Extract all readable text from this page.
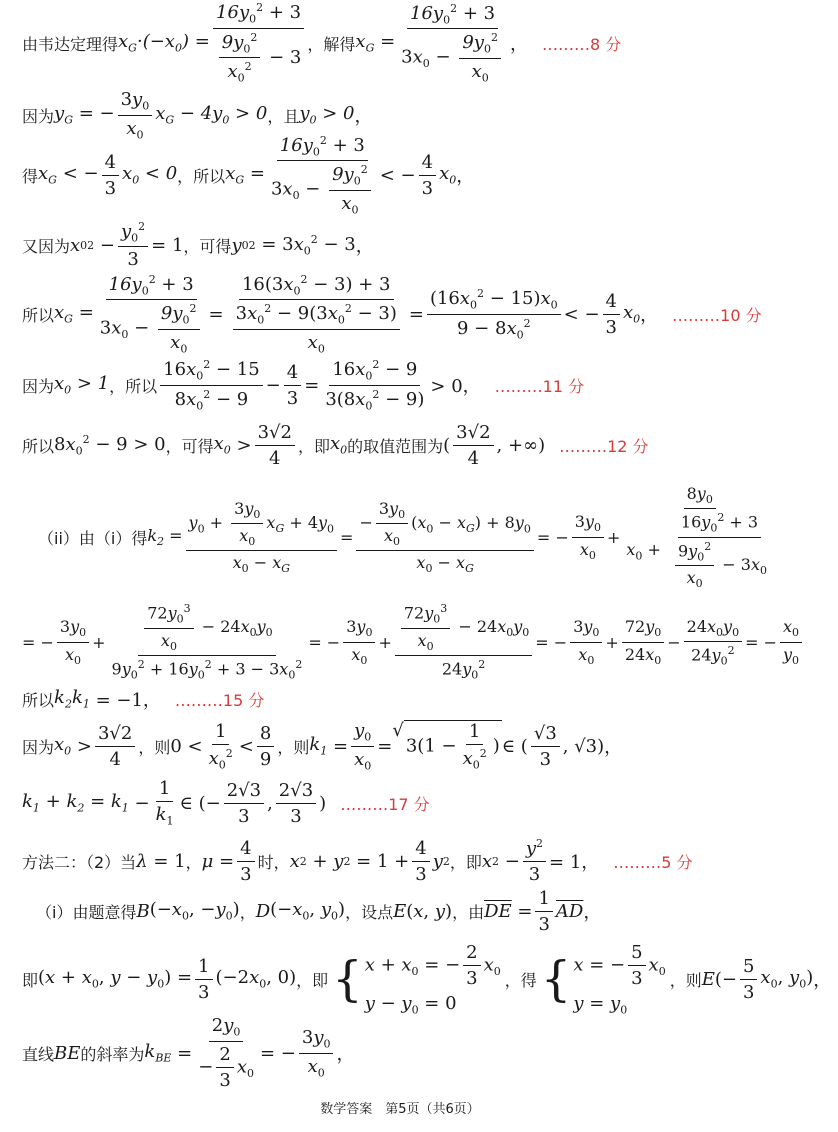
由韦达定理得 $x_G\cdot(-x_0) = \frac{16y_0^2 + 3}{\frac{9y_0^2}{x_0^2} - 3}$ ，解得 $x_G = \frac{16y_0^2 + 3}{3x_0 - \frac{9y_0^2}{x_0}}$ ， ………8 分
因为 $y_G$ = − $\frac{3y_0}{x_0} x_G - 4y_0 > 0$ ，且 $y_0 > 0$ ，
得 $x_G$ < − $\frac{4}{3} x_0 < 0$ ，所以 $x_G = \frac{16y_0^2 + 3}{3x_0 - \frac{9y_0^2}{x_0}}$ < − $\frac{4}{3} x_0$ ，
又因为 x 0 $2 - \frac{y_0^2}{3} = 1$ ，可得 y 0 $2 = 3x_0^2 - 3$ ，
所以 $x_G = \frac{16y_0^2 + 3}{3x_0 - \frac{9y_0^2}{x_0}} = \frac{16(3x_0^2 - 3) + 3}{\frac{3x_0^2 - 9(3x_0^2 - 3)}{x_0}} = \frac{(16x_0^2 - 15)x_0}{9 - 8x_0^2}$ < − $\frac{4}{3} x_0$ ， ………10 分
因为 $x_0 > 1$ ，所以 $\frac{16x_0^2 - 15}{8x_0^2 - 9} - \frac{4}{3} = \frac{16x_0^2 - 9}{3(8x_0^2 - 9)} > 0$， ………11 分
所以 $8x_0^2 - 9 > 0$ ，可得 $x_0 > \frac{3√2}{4}$ ，即 $x_0$ 的取值范围为 ( $\frac{3√2}{4}$ , +∞) ………12 分
（ii）由（i）得 $k_2 = \frac{y_0 + \frac{3y_0}{x_0} x_G + 4y_0}{x_0 - x_G} = \frac{- \frac{3y_0}{x_0} (x_0 - x_G) + 8y_0}{x_0 - x_G}$ = − $\frac{3y_0}{x_0} + \frac{8y_0}{x_0 + \frac{16y_0^2 + 3}{\frac{9y_0^2}{x_0} - 3x_0}}$
= − $\frac{3y_0}{x_0} + \frac{\frac{72y_0^3}{x_0} - 24x_0y_0}{9y_0^2 + 16y_0^2 + 3 - 3x_0^2}$ = − $\frac{3y_0}{x_0} + \frac{\frac{72y_0^3}{x_0} - 24x_0y_0}{24y_0^2}$ = − $\frac{3y_0}{x_0} + \frac{72y_0}{24x_0} - \frac{24x_0y_0}{24y_0^2}$ = − $\frac{x_0}{y_0}$
所以 $k_2k_1 = -1$， ………15 分
因为 $x_0 > \frac{3√2}{4}$ ，则 $0 < \frac{1}{x_0^2} < \frac{8}{9}$ ，则 $k_1 = \frac{y_0}{x_0}$ =
√
$3(1 - \frac{1}{x_0^2}$ ) ∈ ( $\frac{√3}{3}$ , √3) ，
$k_1 + k_2 = k_1 - \frac{1}{k_1}$ ∈ (− $\frac{2√3}{3}$ , $\frac{2√3}{3}$ ) ………17 分
方法二：（2）当 λ = 1 ， $\mu = \frac{4}{3}$ 时， x 2 + y $2 = 1 + \frac{4}{3}$ y 2 ，即 x $2 - \frac{y^2}{3} = 1$， ………5 分
（i）由题意得 B ($-x_0$, $-y_0$) ， D ($-x_0$, $y_0$) ，设点 E (x, y) ，由 $\overline{DE} = \frac{1}{3} \overline{AD}$ ，
即 ($x + x_0$, $y - y_0) = \frac{1}{3} (-2x_0$, 0) ，即 { $x + x_0$ = − $\frac{2}{3} x_0$
$y - y_0 = 0$
，得 { x = − $\frac{5}{3} x_0$
$y = y_0$
，则 E (− $\frac{5}{3} x_0$, $y_0$) ，
直线 BE 的斜率为 $k_{BE} = \frac{2y_0}{- \frac{2}{3} x_0}$ = − $\frac{3y_0}{x_0}$ ，
数学答案　第5页（共6页）
